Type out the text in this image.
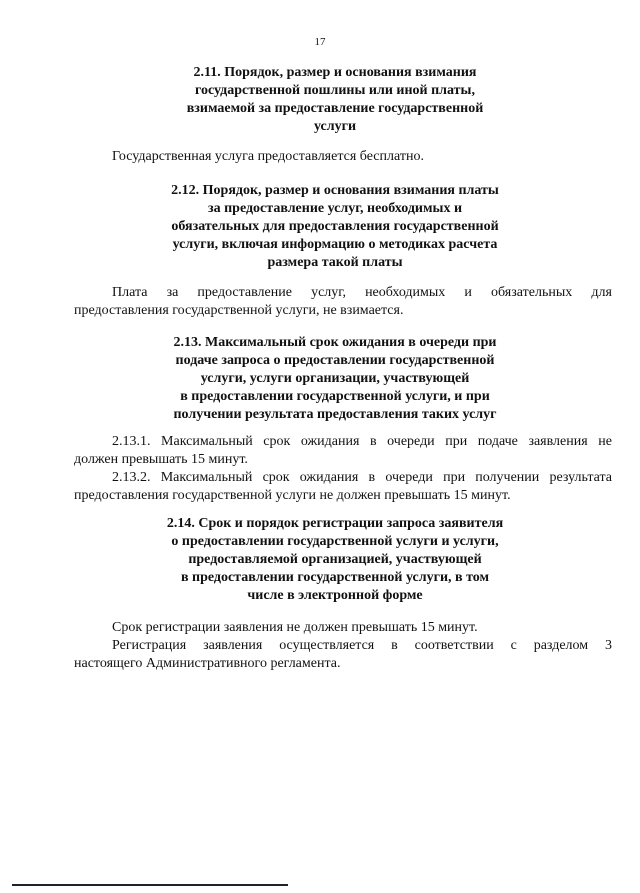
17
2.11. Порядок, размер и основания взимания
государственной пошлины или иной платы,
взимаемой за предоставление государственной
услуги
Государственная услуга предоставляется бесплатно.
2.12. Порядок, размер и основания взимания платы
за предоставление услуг, необходимых и
обязательных для предоставления государственной
услуги, включая информацию о методиках расчета
размера такой платы
Плата за предоставление услуг, необходимых и обязательных для
предоставления государственной услуги, не взимается.
2.13. Максимальный срок ожидания в очереди при
подаче запроса о предоставлении государственной
услуги, услуги организации, участвующей
в предоставлении государственной услуги, и при
получении результата предоставления таких услуг
2.13.1. Максимальный срок ожидания в очереди при подаче заявления не
должен превышать 15 минут.
2.13.2. Максимальный срок ожидания в очереди при получении результата
предоставления государственной услуги не должен превышать 15 минут.
2.14. Срок и порядок регистрации запроса заявителя
о предоставлении государственной услуги и услуги,
предоставляемой организацией, участвующей
в предоставлении государственной услуги, в том
числе в электронной форме
Срок регистрации заявления не должен превышать 15 минут.
Регистрация заявления осуществляется в соответствии с разделом 3
настоящего Административного регламента.
